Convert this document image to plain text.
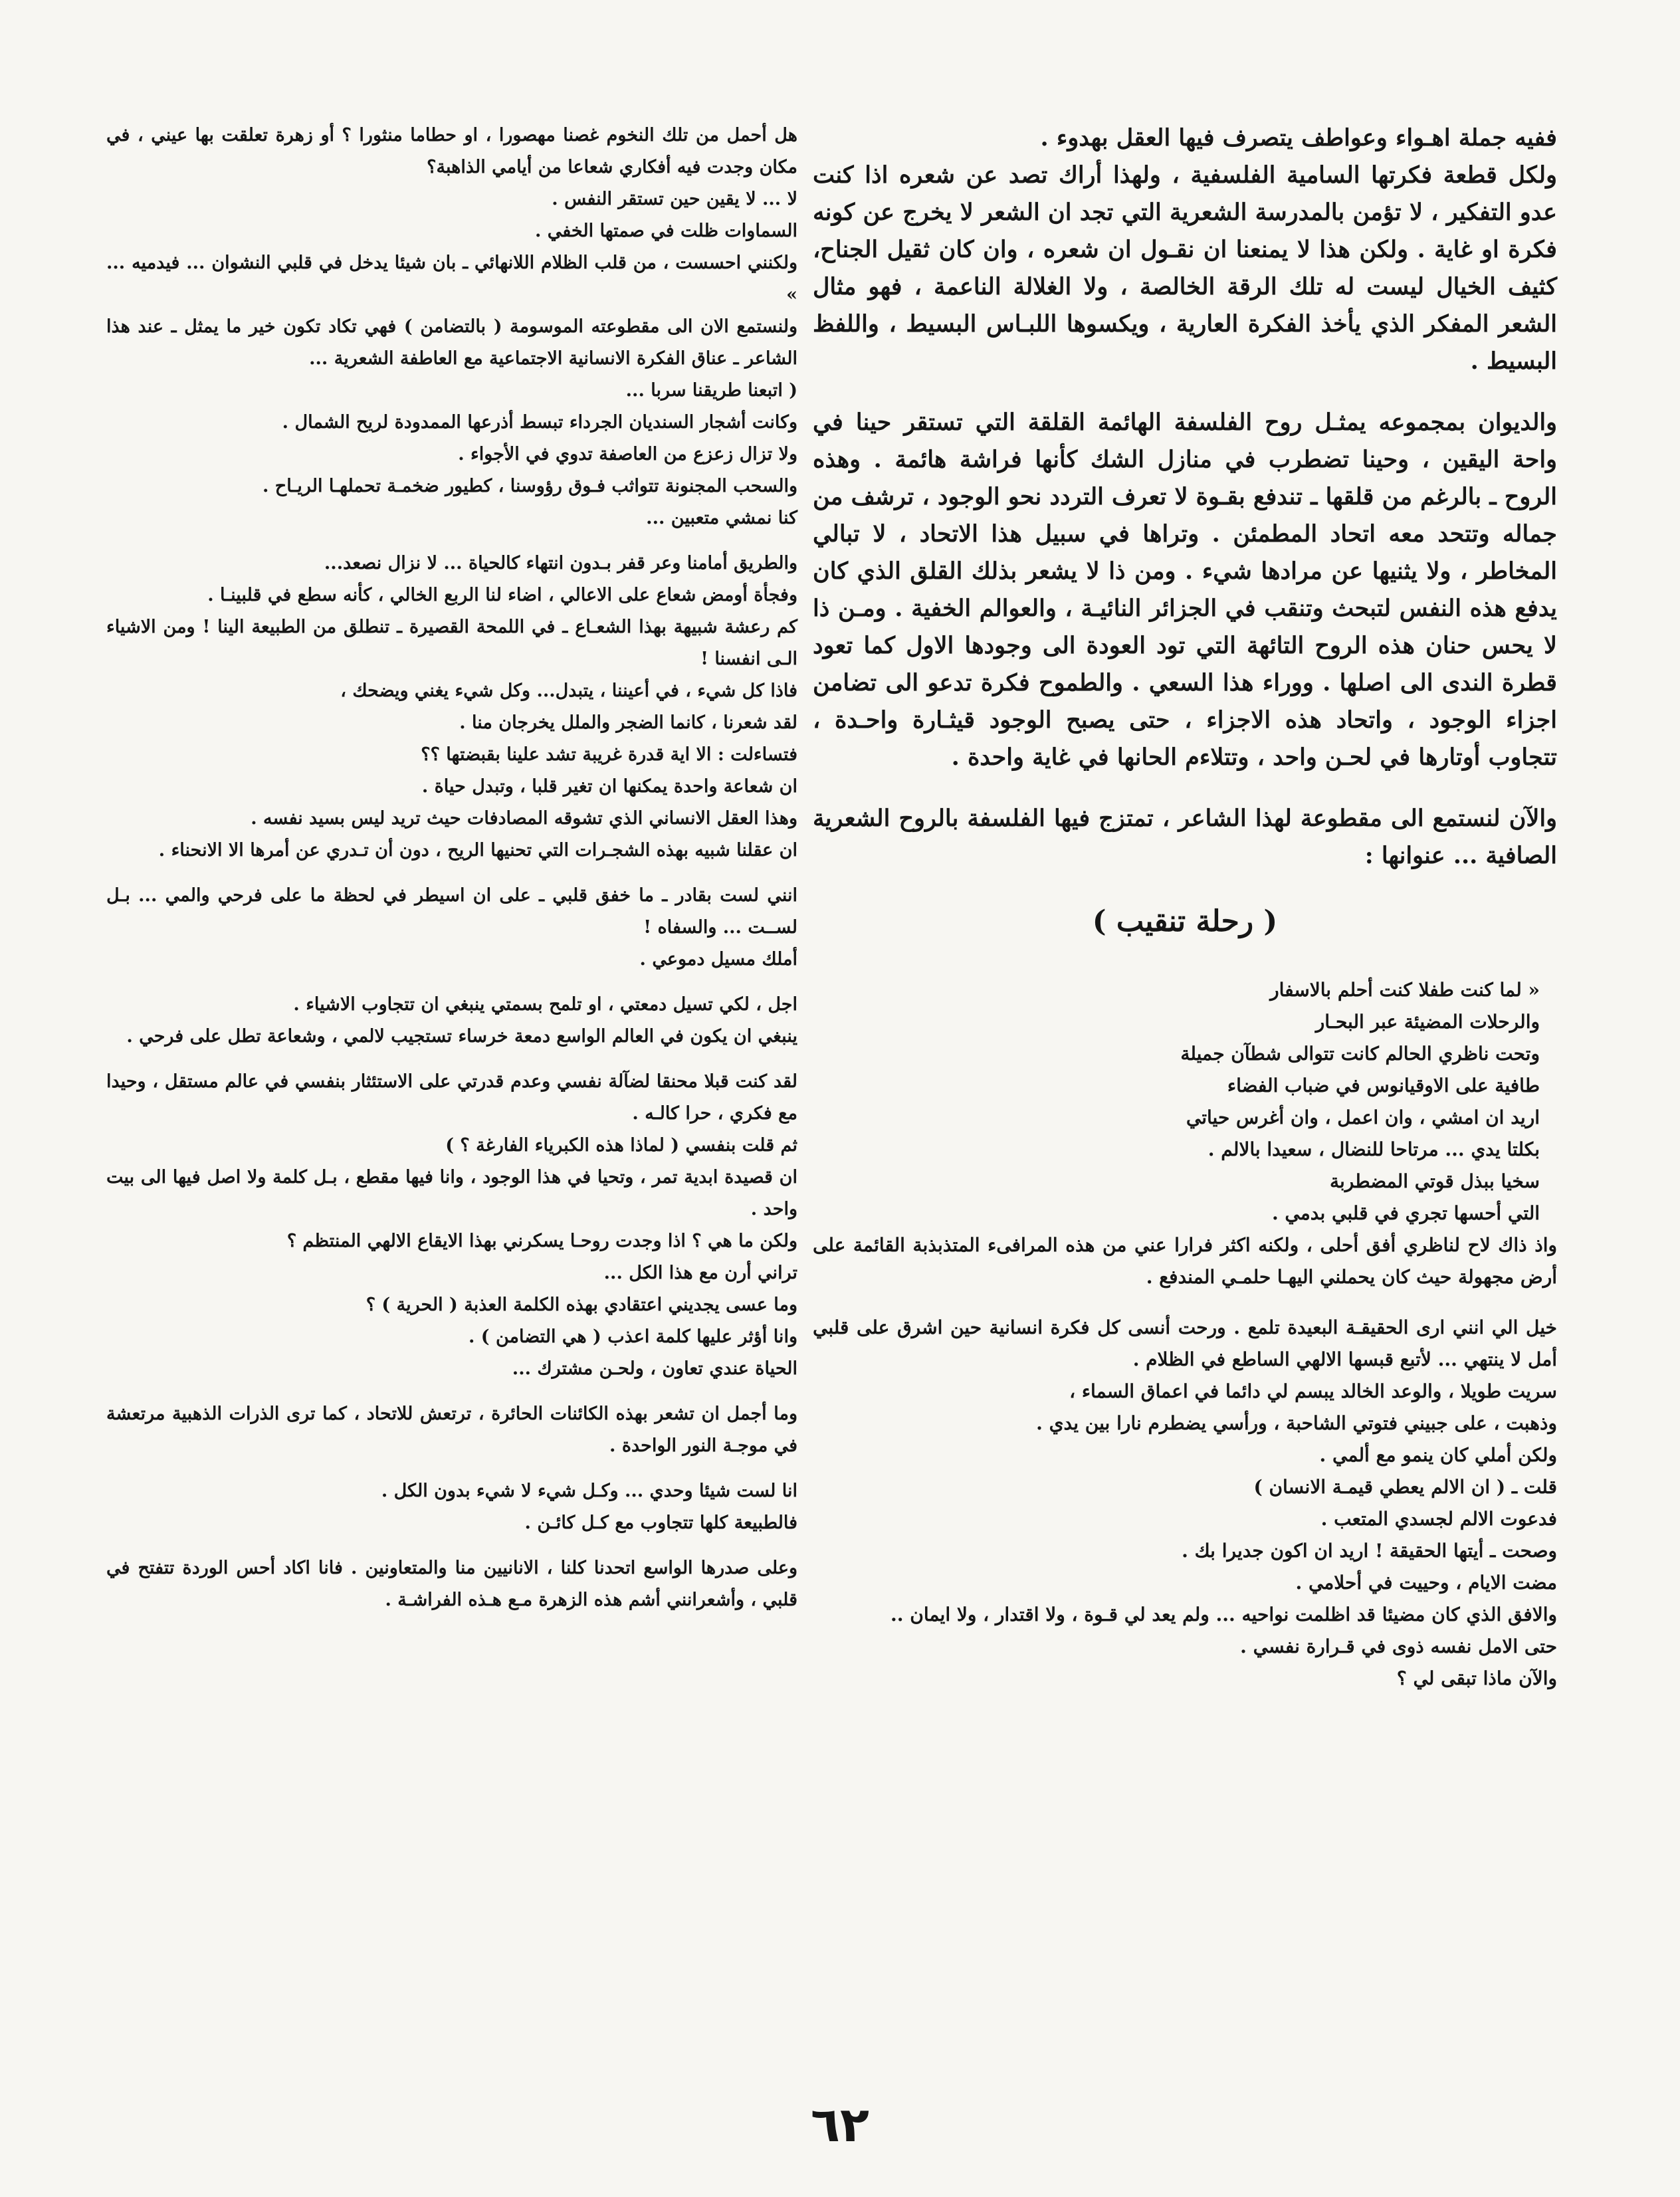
ففيه جملة اهـواء وعواطف يتصرف فيها العقل بهدوء .

ولكل قطعة فكرتها السامية الفلسفية ، ولهذا أراك تصد عن شعره اذا كنت عدو التفكير ، لا تؤمن بالمدرسة الشعرية التي تجد ان الشعر لا يخرج عن كونه فكرة او غاية . ولكن هذا لا يمنعنا ان نقـول ان شعره ، وان كان ثقيل الجناح، كثيف الخيال ليست له تلك الرقة الخالصة ، ولا الغلالة الناعمة ، فهو مثال الشعر المفكر الذي يأخذ الفكرة العارية ، ويكسوها اللبـاس البسيط ، واللفظ البسيط .

والديوان بمجموعه يمثـل روح الفلسفة الهائمة القلقة التي تستقر حينا في واحة اليقين ، وحينا تضطرب في منازل الشك كأنها فراشة هائمة . وهذه الروح ـ بالرغم من قلقها ـ تندفع بقـوة لا تعرف التردد نحو الوجود ، ترشف من جماله وتتحد معه اتحاد المطمئن . وتراها في سبيل هذا الاتحاد ، لا تبالي المخاطر ، ولا يثنيها عن مرادها شيء . ومن ذا لا يشعر بذلك القلق الذي كان يدفع هذه النفس لتبحث وتنقب في الجزائر النائيـة ، والعوالم الخفية . ومـن ذا لا يحس حنان هذه الروح التائهة التي تود العودة الى وجودها الاول كما تعود قطرة الندى الى اصلها . ووراء هذا السعي . والطموح فكرة تدعو الى تضامن اجزاء الوجود ، واتحاد هذه الاجزاء ، حتى يصبح الوجود قيثـارة واحـدة ، تتجاوب أوتارها في لحـن واحد ، وتتلاءم الحانها في غاية واحدة .

والآن لنستمع الى مقطوعة لهذا الشاعر ، تمتزج فيها الفلسفة بالروح الشعرية الصافية ... عنوانها :

( رحلة تنقيب )

« لما كنت طفلا كنت أحلم بالاسفار

والرحلات المضيئة عبر البحـار

وتحت ناظري الحالم كانت تتوالى شطآن جميلة

طافية على الاوقيانوس في ضباب الفضاء

اريد ان امشي ، وان اعمل ، وان أغرس حياتي

بكلتا يدي ... مرتاحا للنضال ، سعيدا بالالم .

سخيا ببذل قوتي المضطربة

التي أحسها تجري في قلبي بدمي .

واذ ذاك لاح لناظري أفق أحلى ، ولكنه اكثر فرارا عني من هذه المرافىء المتذبذبة القائمة على أرض مجهولة حيث كان يحملني اليهـا حلمـي المندفع .

خيل الي انني ارى الحقيقـة البعيدة تلمع . ورحت أنسى كل فكرة انسانية حين اشرق على قلبي أمل لا ينتهي ... لأتبع قبسها الالهي الساطع في الظلام .

سريت طويلا ، والوعد الخالد يبسم لي دائما في اعماق السماء ،

وذهبت ، على جبيني فتوتي الشاحبة ، ورأسي يضطرم نارا بين يدي .

ولكن أملي كان ينمو مع ألمي .

قلت ـ ( ان الالم يعطي قيمـة الانسان )

فدعوت الالم لجسدي المتعب .

وصحت ـ أيتها الحقيقة ! اريد ان اكون جديرا بك .

مضت الايام ، وحييت في أحلامي .

والافق الذي كان مضيئا قد اظلمت نواحيه ... ولم يعد لي قـوة ، ولا اقتدار ، ولا ايمان ..

حتى الامل نفسه ذوى في قـرارة نفسي .

والآن ماذا تبقى لي ؟

هل أحمل من تلك النخوم غصنا مهصورا ، او حطاما منثورا ؟ أو زهرة تعلقت بها عيني ، في مكان وجدت فيه أفكاري شعاعا من أيامي الذاهبة؟

لا ... لا يقين حين تستقر النفس .

السماوات ظلت في صمتها الخفي .

ولكنني احسست ، من قلب الظلام اللانهائي ـ بان شيئا يدخل في قلبي النشوان ... فيدميه ... »

ولنستمع الان الى مقطوعته الموسومة ( بالتضامن ) فهي تكاد تكون خير ما يمثل ـ عند هذا الشاعر ـ عناق الفكرة الانسانية الاجتماعية مع العاطفة الشعرية ...

( اتبعنا طريقنا سربا ...

وكانت أشجار السنديان الجرداء تبسط أذرعها الممدودة لريح الشمال .

ولا تزال زعزع من العاصفة تدوي في الأجواء .

والسحب المجنونة تتواثب فـوق رؤوسنا ، كطيور ضخمـة تحملهـا الريـاح .

كنا نمشي متعبين ...

والطريق أمامنا وعر قفر بـدون انتهاء كالحياة ... لا نزال نصعد...

وفجأة أومض شعاع على الاعالي ، اضاء لنا الربع الخالي ، كأنه سطع في قلبينـا .

كم رعشة شبيهة بهذا الشعـاع ـ في اللمحة القصيرة ـ تنطلق من الطبيعة الينا ! ومن الاشياء الـى انفسنا !

فاذا كل شيء ، في أعيننا ، يتبدل... وكل شيء يغني ويضحك ،

لقد شعرنا ، كانما الضجر والملل يخرجان منا .

فتساءلت : الا اية قدرة غريبة تشد علينا بقبضتها ؟؟

ان شعاعة واحدة يمكنها ان تغير قلبا ، وتبدل حياة .

وهذا العقل الانساني الذي تشوقه المصادفات حيث تريد ليس بسيد نفسه .

ان عقلنا شبيه بهذه الشجـرات التي تحنيها الريح ، دون أن تـدري عن أمرها الا الانحناء .

انني لست بقادر ـ ما خفق قلبي ـ على ان اسيطر في لحظة ما على فرحي والمي ... بـل لســت ... والسفاه !

أملك مسيل دموعي .

اجل ، لكي تسيل دمعتي ، او تلمح بسمتي ينبغي ان تتجاوب الاشياء .

ينبغي ان يكون في العالم الواسع دمعة خرساء تستجيب لالمي ، وشعاعة تطل على فرحي .

لقد كنت قبلا محنقا لضآلة نفسي وعدم قدرتي على الاستئثار بنفسي في عالم مستقل ، وحيدا مع فكري ، حرا كالـه .

ثم قلت بنفسي ( لماذا هذه الكبرياء الفارغة ؟ )

ان قصيدة ابدية تمر ، وتحيا في هذا الوجود ، وانا فيها مقطع ، بـل كلمة ولا اصل فيها الى بيت واحد .

ولكن ما هي ؟ اذا وجدت روحـا يسكرني بهذا الايقاع الالهي المنتظم ؟

تراني أرن مع هذا الكل ...

وما عسى يجديني اعتقادي بهذه الكلمة العذبة ( الحرية ) ؟

وانا أؤثر عليها كلمة اعذب ( هي التضامن ) .

الحياة عندي تعاون ، ولحـن مشترك ...

وما أجمل ان تشعر بهذه الكائنات الحائرة ، ترتعش للاتحاد ، كما ترى الذرات الذهبية مرتعشة في موجـة النور الواحدة .

انا لست شيئا وحدي ... وكـل شيء لا شيء بدون الكل .

فالطبيعة كلها تتجاوب مع كـل كائـن .

وعلى صدرها الواسع اتحدنا كلنا ، الانانيين منا والمتعاونين . فانا اكاد أحس الوردة تتفتح في قلبي ، وأشعرانني أشم هذه الزهرة مـع هـذه الفراشـة .

٦٢
